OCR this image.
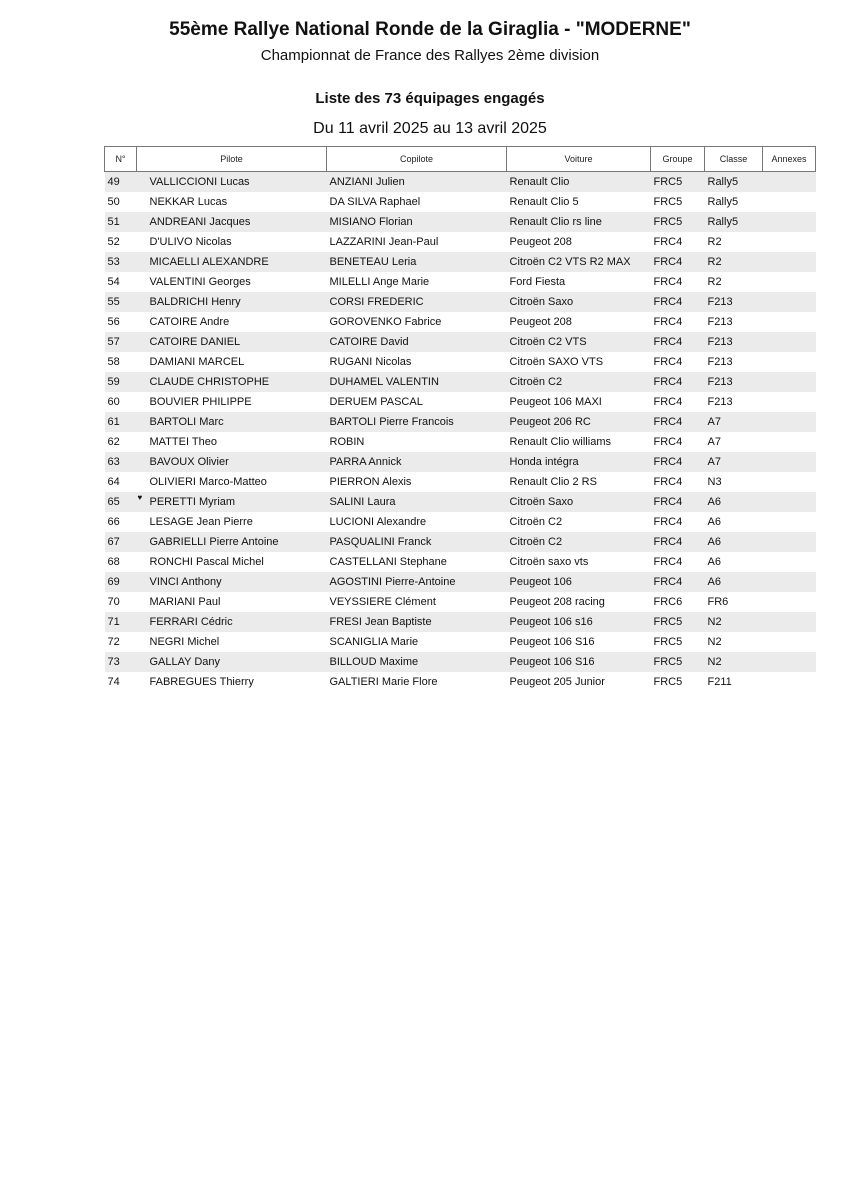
55ème Rallye National Ronde de la Giraglia - "MODERNE"
Championnat de France des Rallyes 2ème division
Liste des 73 équipages engagés
Du 11 avril 2025 au 13 avril 2025
N°	Pilote	Copilote	Voiture	Groupe	Classe	Annexes
49	VALLICCIONI Lucas	ANZIANI Julien	Renault Clio	FRC5	Rally5	
50	NEKKAR Lucas	DA SILVA Raphael	Renault Clio 5	FRC5	Rally5	
51	ANDREANI Jacques	MISIANO Florian	Renault Clio rs line	FRC5	Rally5	
52	D'ULIVO Nicolas	LAZZARINI Jean-Paul	Peugeot 208	FRC4	R2	
53	MICAELLI ALEXANDRE	BENETEAU Leria	Citroën C2 VTS R2 MAX	FRC4	R2	
54	VALENTINI Georges	MILELLI Ange Marie	Ford Fiesta	FRC4	R2	
55	BALDRICHI Henry	CORSI FREDERIC	Citroën Saxo	FRC4	F213	
56	CATOIRE Andre	GOROVENKO Fabrice	Peugeot 208	FRC4	F213	
57	CATOIRE DANIEL	CATOIRE David	Citroën C2 VTS	FRC4	F213	
58	DAMIANI MARCEL	RUGANI Nicolas	Citroën SAXO VTS	FRC4	F213	
59	CLAUDE CHRISTOPHE	DUHAMEL VALENTIN	Citroën C2	FRC4	F213	
60	BOUVIER PHILIPPE	DERUEM PASCAL	Peugeot 106 MAXI	FRC4	F213	
61	BARTOLI Marc	BARTOLI Pierre Francois	Peugeot 206 RC	FRC4	A7	
62	MATTEI Theo	ROBIN	Renault Clio williams	FRC4	A7	
63	BAVOUX Olivier	PARRA Annick	Honda intégra	FRC4	A7	
64	OLIVIERI Marco-Matteo	PIERRON Alexis	Renault Clio 2 RS	FRC4	N3	
65	♥ PERETTI Myriam	SALINI Laura	Citroën Saxo	FRC4	A6	
66	LESAGE Jean Pierre	LUCIONI Alexandre	Citroën C2	FRC4	A6	
67	GABRIELLI Pierre Antoine	PASQUALINI Franck	Citroën C2	FRC4	A6	
68	RONCHI Pascal Michel	CASTELLANI Stephane	Citroën saxo vts	FRC4	A6	
69	VINCI Anthony	AGOSTINI Pierre-Antoine	Peugeot 106	FRC4	A6	
70	MARIANI Paul	VEYSSIERE Clément	Peugeot 208 racing	FRC6	FR6	
71	FERRARI Cédric	FRESI Jean Baptiste	Peugeot 106 s16	FRC5	N2	
72	NEGRI Michel	SCANIGLIA Marie	Peugeot 106 S16	FRC5	N2	
73	GALLAY Dany	BILLOUD Maxime	Peugeot 106 S16	FRC5	N2	
74	FABREGUES Thierry	GALTIERI Marie Flore	Peugeot 205 Junior	FRC5	F211	
